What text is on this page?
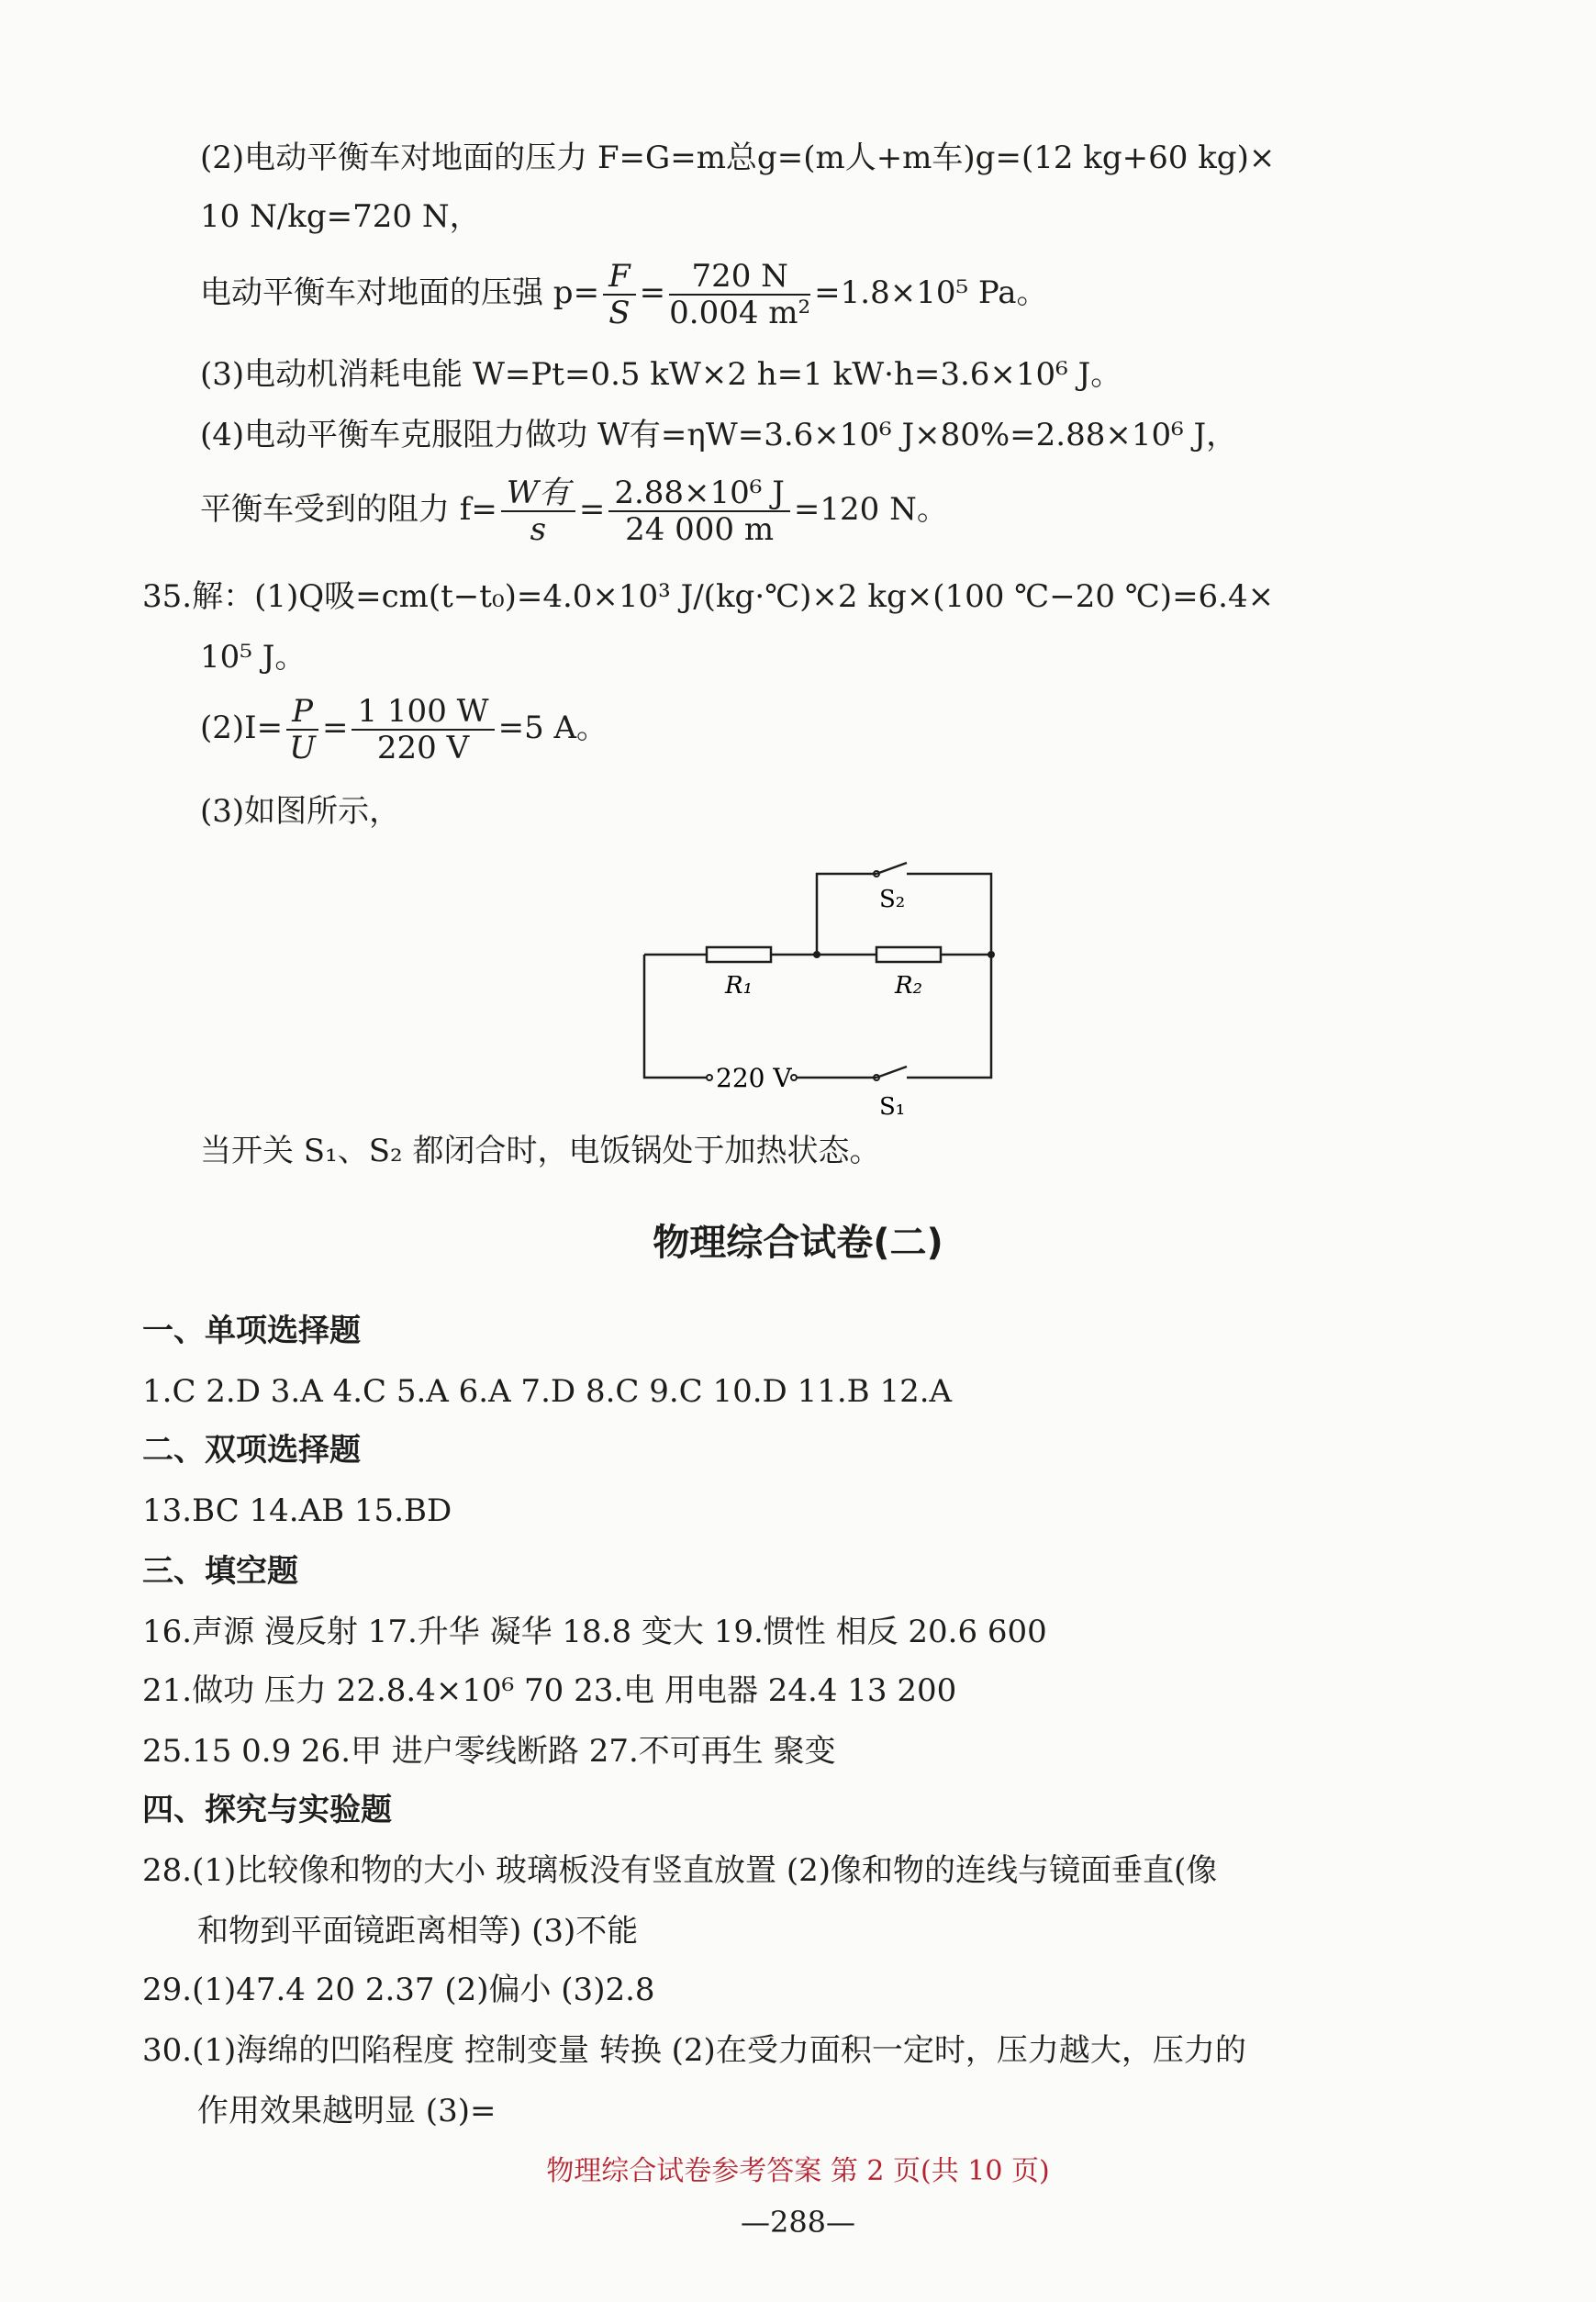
(2)电动平衡车对地面的压力 F=G=m总g=(m人+m车)g=(12 kg+60 kg)×
10 N/kg=720 N，
电动平衡车对地面的压强 $p= \frac{F}{S} = \frac{720 N}{\text{0.004 m²}} =1.8\times 10^5$ Pa。
(3)电动机消耗电能 W=Pt=0.5 kW×2 h=1 kW·h=3.6×10⁶ J。
(4)电动平衡车克服阻力做功 W有=ηW=3.6×10⁶ J×80%=2.88×10⁶ J，
平衡车受到的阻力 $f= \frac{\text{W有}}{s} = \frac{\text{2.88×10⁶ J}}{24 000 m} =120$ N。
35.解：(1)Q吸=cm(t−t₀)=4.0×10³ J/(kg·℃)×2 kg×(100 ℃−20 ℃)=6.4×
10⁵ J。
$(2)I= \frac{P}{U} = \frac{1 100 W}{220 V} =5$ A。
(3)如图所示，
S₂
R₁	R₂
220 V
S₁
当开关 S₁、S₂ 都闭合时，电饭锅处于加热状态。
物理综合试卷(二)
一、单项选择题
1.C 2.D 3.A 4.C 5.A 6.A 7.D 8.C 9.C 10.D 11.B 12.A
二、双项选择题
13.BC 14.AB 15.BD
三、填空题
16.声源 漫反射 17.升华 凝华 18.8 变大 19.惯性 相反 20.6 600
21.做功 压力 22.8.4×10⁶ 70 23.电 用电器 24.4 13 200
25.15 0.9 26.甲 进户零线断路 27.不可再生 聚变
四、探究与实验题
28.(1)比较像和物的大小 玻璃板没有竖直放置 (2)像和物的连线与镜面垂直(像
和物到平面镜距离相等) (3)不能
29.(1)47.4 20 2.37 (2)偏小 (3)2.8
30.(1)海绵的凹陷程度 控制变量 转换 (2)在受力面积一定时，压力越大，压力的
作用效果越明显 (3)=
物理综合试卷参考答案 第 2 页(共 10 页)
—288—
